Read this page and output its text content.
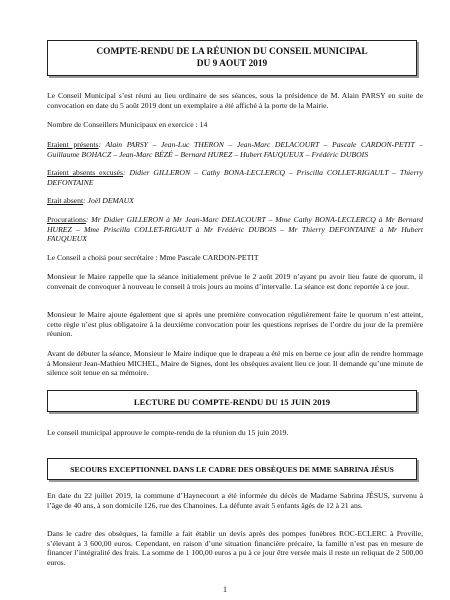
COMPTE-RENDU DE LA RÉUNION DU CONSEIL MUNICIPAL
DU 9 AOUT 2019
Le Conseil Municipal s’est réuni au lieu ordinaire de ses séances, sous la présidence de M. Alain PARSY en suite de convocation en date du 5 août 2019 dont un exemplaire a été affiché à la porte de la Mairie.
Nombre de Conseillers Municipaux en exercice : 14
Etaient présents: Alain PARSY – Jean-Luc THERON – Jean-Marc DELACOURT – Pascale CARDON-PETIT – Guillaume BOHACZ – Jean-Marc BÉZÉ – Bernard HUREZ – Hubert FAUQUEUX – Frédéric DUBOIS
Etaient absents excusés: Didier GILLERON – Cathy BONA-LECLERCQ – Priscilla COLLET-RIGAULT – Thierry DEFONTAINE
Etait absent: Joël DEMAUX
Procurations: Mr Didier GILLERON à Mr Jean-Marc DELACOURT – Mme Cathy BONA-LECLERCQ à Mr Bernard HUREZ – Mme Priscilla COLLET-RIGAUT à Mr Frédéric DUBOIS – Mr Thierry DEFONTAINE à Mr Hubert FAUQUEUX
Le Conseil a choisi pour secrétaire : Mme Pascale CARDON-PETIT
Monsieur le Maire rappelle que la séance initialement prévue le 2 août 2019 n’ayant pu avoir lieu faute de quorum, il convenait de convoquer à nouveau le conseil à trois jours au moins d’intervalle. La séance est donc reportée à ce jour.
Monsieur le Maire ajoute également que si après une première convocation régulièrement faite le quorum n’est atteint, cette règle n’est plus obligatoire à la deuxième convocation pour les questions reprises de l’ordre du jour de la première réunion.
Avant de débuter la séance, Monsieur le Maire indique que le drapeau a été mis en berne ce jour afin de rendre hommage à Monsieur Jean-Mathieu MICHEL, Maire de Signes, dont les obsèques avaient lieu ce jour. Il demande qu’une minute de silence soit tenue en sa mémoire.
LECTURE DU COMPTE-RENDU DU 15 JUIN 2019
Le conseil municipal approuve le compte-rendu de la réunion du 15 juin 2019.
SECOURS EXCEPTIONNEL DANS LE CADRE DES OBSÈQUES DE MME SABRINA JÉSUS
En date du 22 juillet 2019, la commune d’Haynecourt a été informée du décès de Madame Sabrina JÉSUS, survenu à l’âge de 40 ans, à son domicile 126, rue des Chanoines. La défunte avait 5 enfants âgés de 12 à 21 ans.
Dans le cadre des obsèques, la famille a fait établir un devis après des pompes funèbres ROC-ECLERC à Proville, s’élevant à 3 600,00 euros. Cependant, en raison d’une situation financière précaire, la famille n’est pas en mesure de financer l’intégralité des frais. La somme de 1 100,00 euros a pu à ce jour être versée mais il reste un reliquat de 2 500,00 euros.
1
